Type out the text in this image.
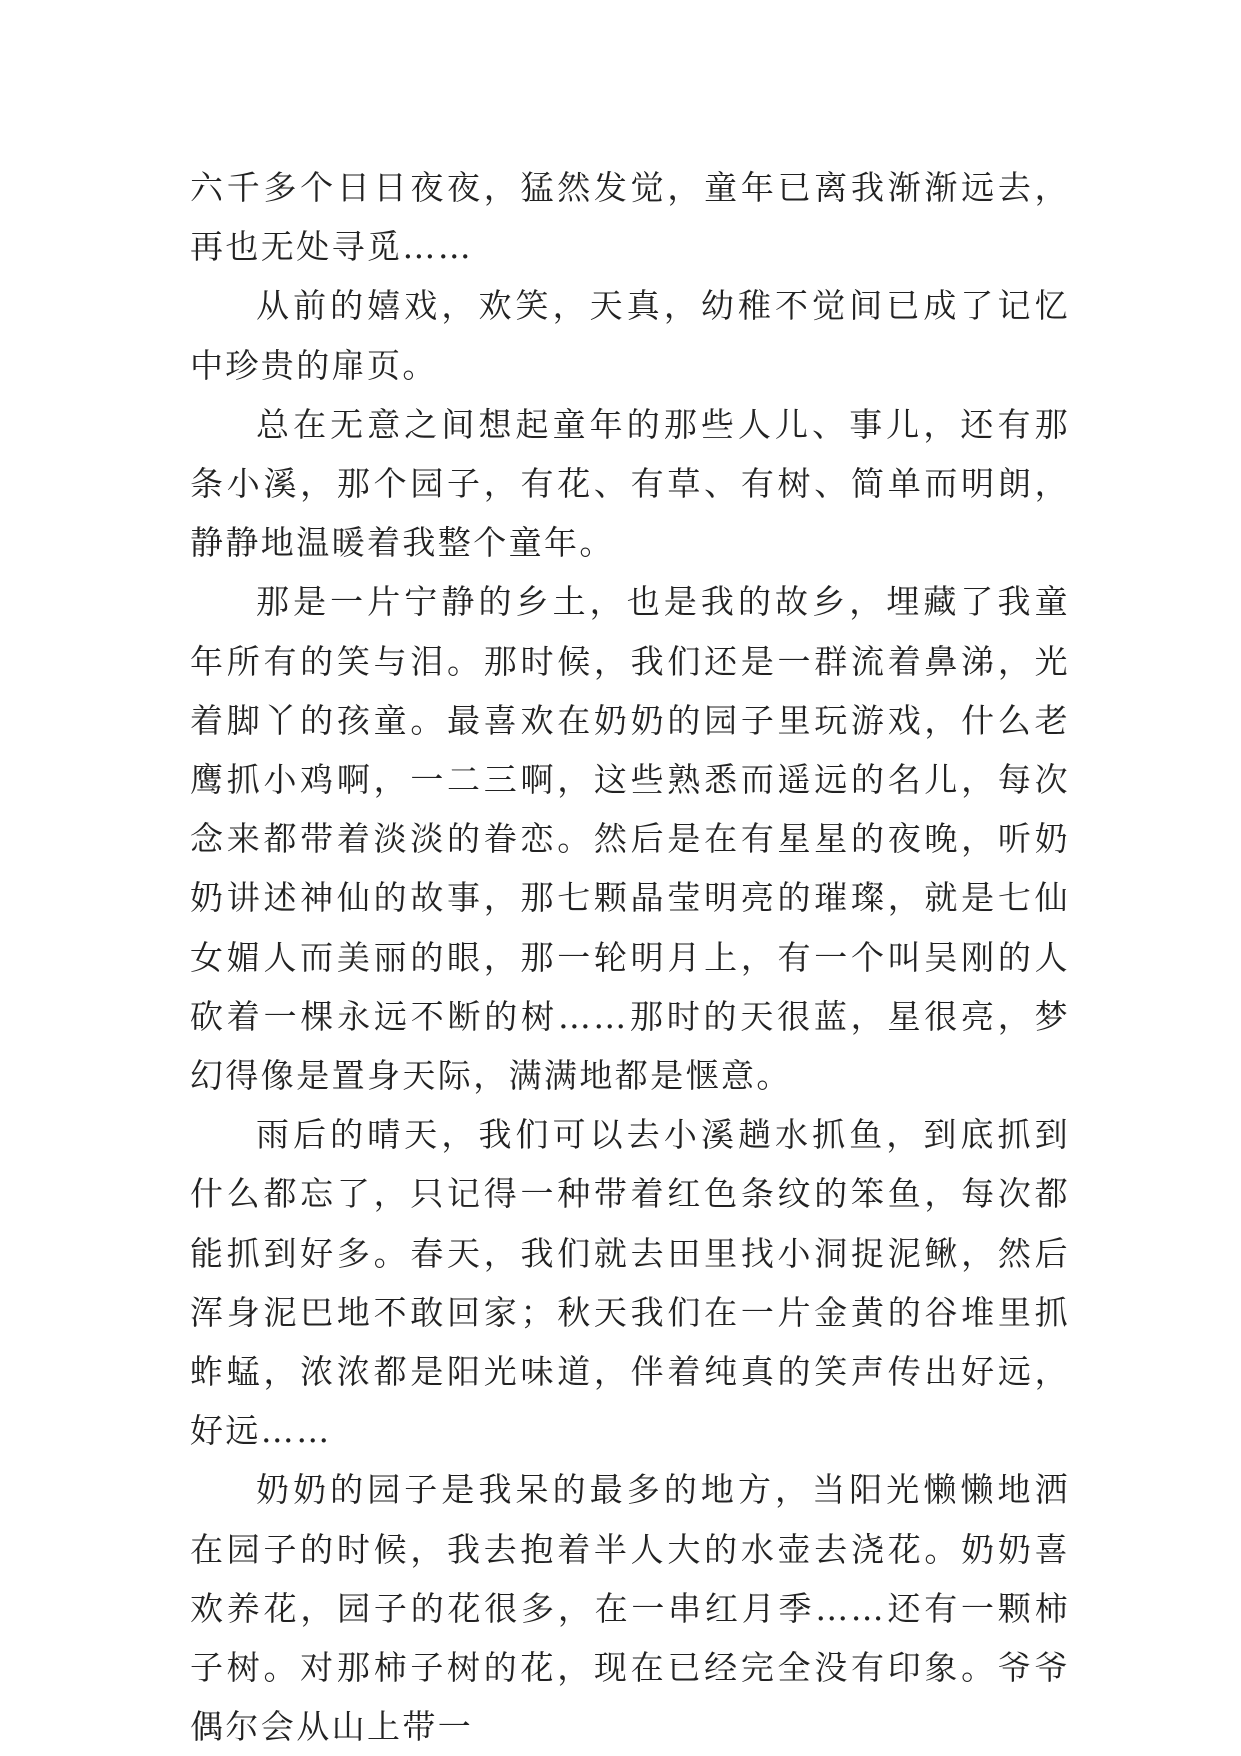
六千多个日日夜夜，猛然发觉，童年已离我渐渐远去，再也无处寻觅……

从前的嬉戏，欢笑，天真，幼稚不觉间已成了记忆中珍贵的扉页。

总在无意之间想起童年的那些人儿、事儿，还有那条小溪，那个园子，有花、有草、有树、简单而明朗，静静地温暖着我整个童年。

那是一片宁静的乡土，也是我的故乡，埋藏了我童年所有的笑与泪。那时候，我们还是一群流着鼻涕，光着脚丫的孩童。最喜欢在奶奶的园子里玩游戏，什么老鹰抓小鸡啊，一二三啊，这些熟悉而遥远的名儿，每次念来都带着淡淡的眷恋。然后是在有星星的夜晚，听奶奶讲述神仙的故事，那七颗晶莹明亮的璀璨，就是七仙女媚人而美丽的眼，那一轮明月上，有一个叫吴刚的人砍着一棵永远不断的树……那时的天很蓝，星很亮，梦幻得像是置身天际，满满地都是惬意。

雨后的晴天，我们可以去小溪趟水抓鱼，到底抓到什么都忘了，只记得一种带着红色条纹的笨鱼，每次都能抓到好多。春天，我们就去田里找小洞捉泥鳅，然后浑身泥巴地不敢回家；秋天我们在一片金黄的谷堆里抓蚱蜢，浓浓都是阳光味道，伴着纯真的笑声传出好远，好远……

奶奶的园子是我呆的最多的地方，当阳光懒懒地洒在园子的时候，我去抱着半人大的水壶去浇花。奶奶喜欢养花，园子的花很多，在一串红月季……还有一颗柿子树。对那柿子树的花，现在已经完全没有印象。爷爷偶尔会从山上带一
